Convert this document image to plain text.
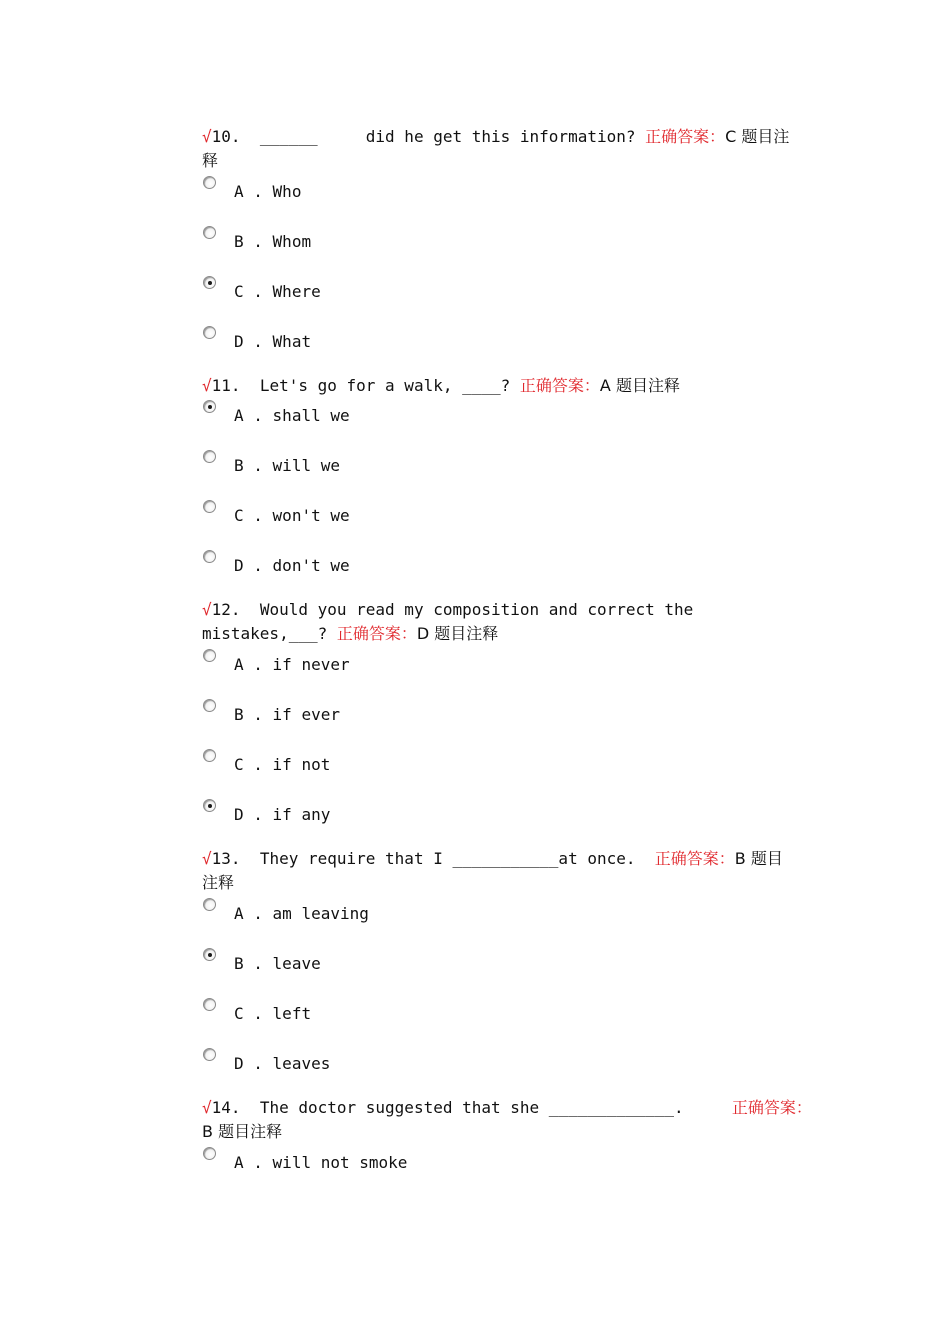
√10.  ______     did he get this information? 正确答案：C 题目注
释
A . Who
B . Whom
C . Where
D . What
√11.  Let's go for a walk, ____? 正确答案：A 题目注释
A . shall we
B . will we
C . won't we
D . don't we
√12.  Would you read my composition and correct the
mistakes,___? 正确答案：D 题目注释
A . if never
B . if ever
C . if not
D . if any
√13.  They require that I ___________at once.  正确答案：B 题目
注释
A . am leaving
B . leave
C . left
D . leaves
√14.  The doctor suggested that she _____________.     正确答案：
B 题目注释
A . will not smoke
